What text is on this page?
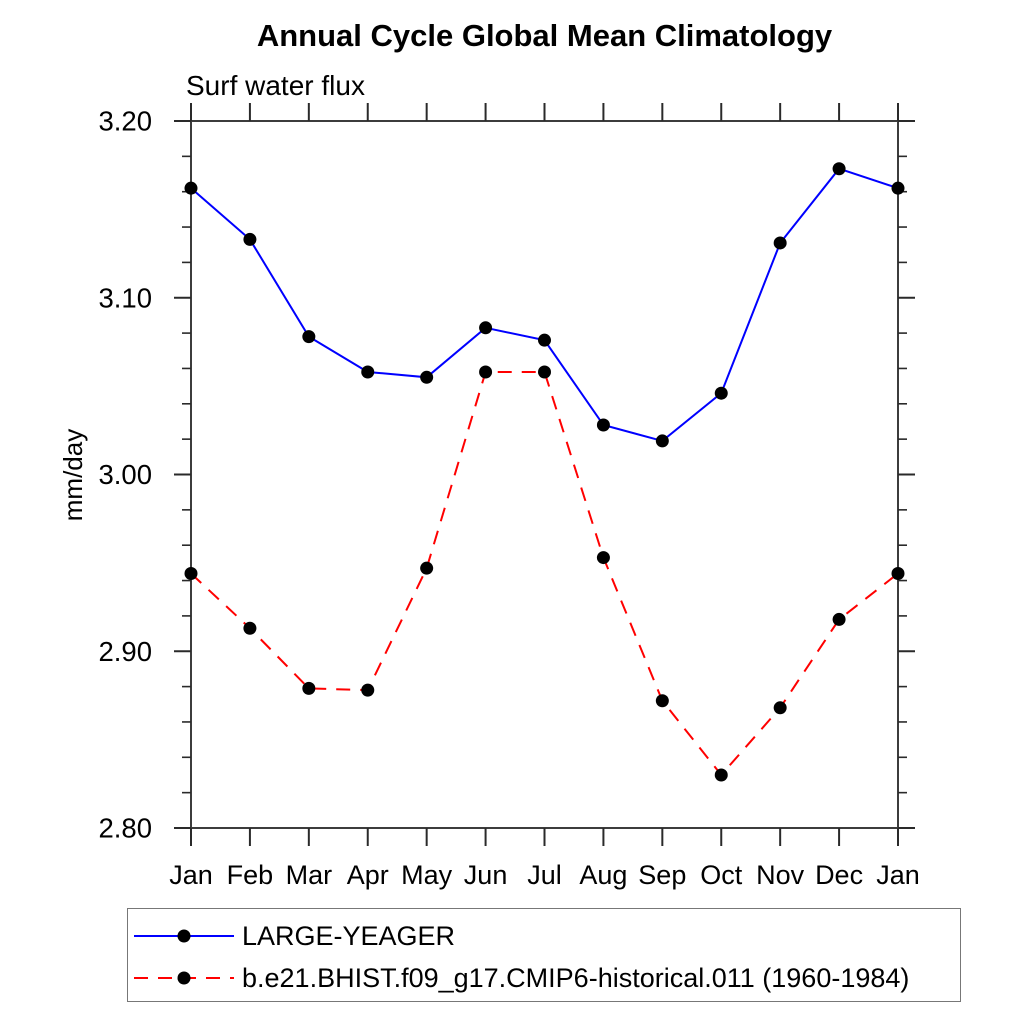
Annual Cycle Global Mean Climatology
Surf water flux
mm/day
2.80
2.90
3.00
3.10
3.20
Jan Feb Mar Apr May Jun Jul Aug Sep Oct Nov Dec Jan
LARGE-YEAGER
b.e21.BHIST.f09_g17.CMIP6-historical.011 (1960-1984)
